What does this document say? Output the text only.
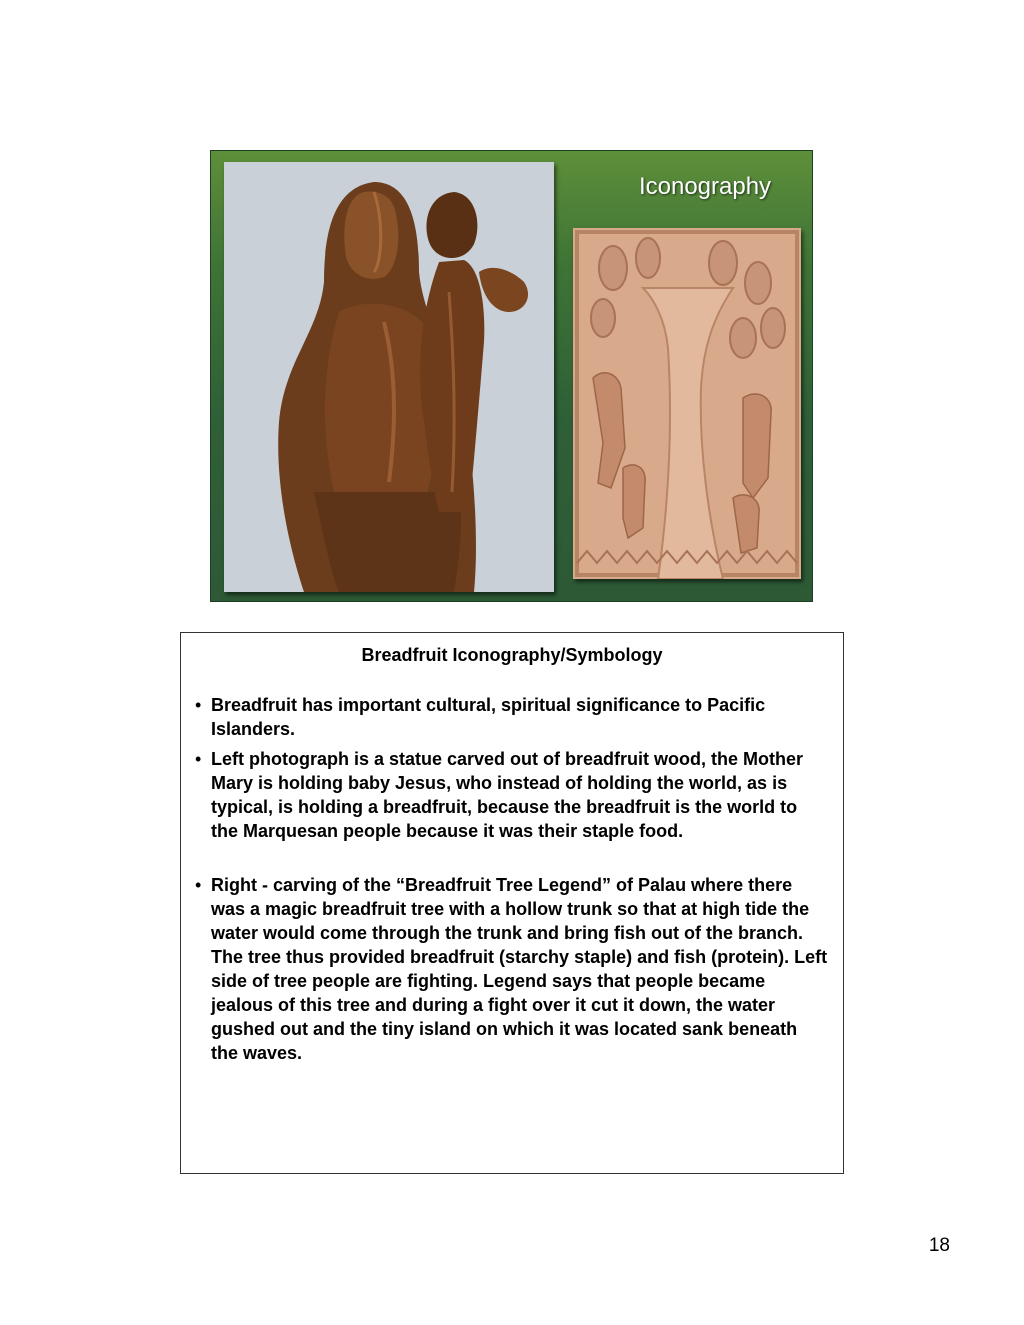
Iconography
Breadfruit Iconography/Symbology
• Breadfruit has important cultural, spiritual significance to Pacific Islanders.
• Left photograph is a statue carved out of breadfruit wood, the Mother Mary is holding baby Jesus, who instead of holding the world, as is typical, is holding a breadfruit, because the breadfruit is the world to the Marquesan people because it was their staple food.
• Right - carving of the “Breadfruit Tree Legend” of Palau where there was a magic breadfruit tree with a hollow trunk so that at high tide the water would come through the trunk and bring fish out of the branch. The tree thus provided breadfruit (starchy staple) and fish (protein). Left side of tree people are fighting. Legend says that people became jealous of this tree and during a fight over it cut it down, the water gushed out and the tiny island on which it was located sank beneath the waves.
18
